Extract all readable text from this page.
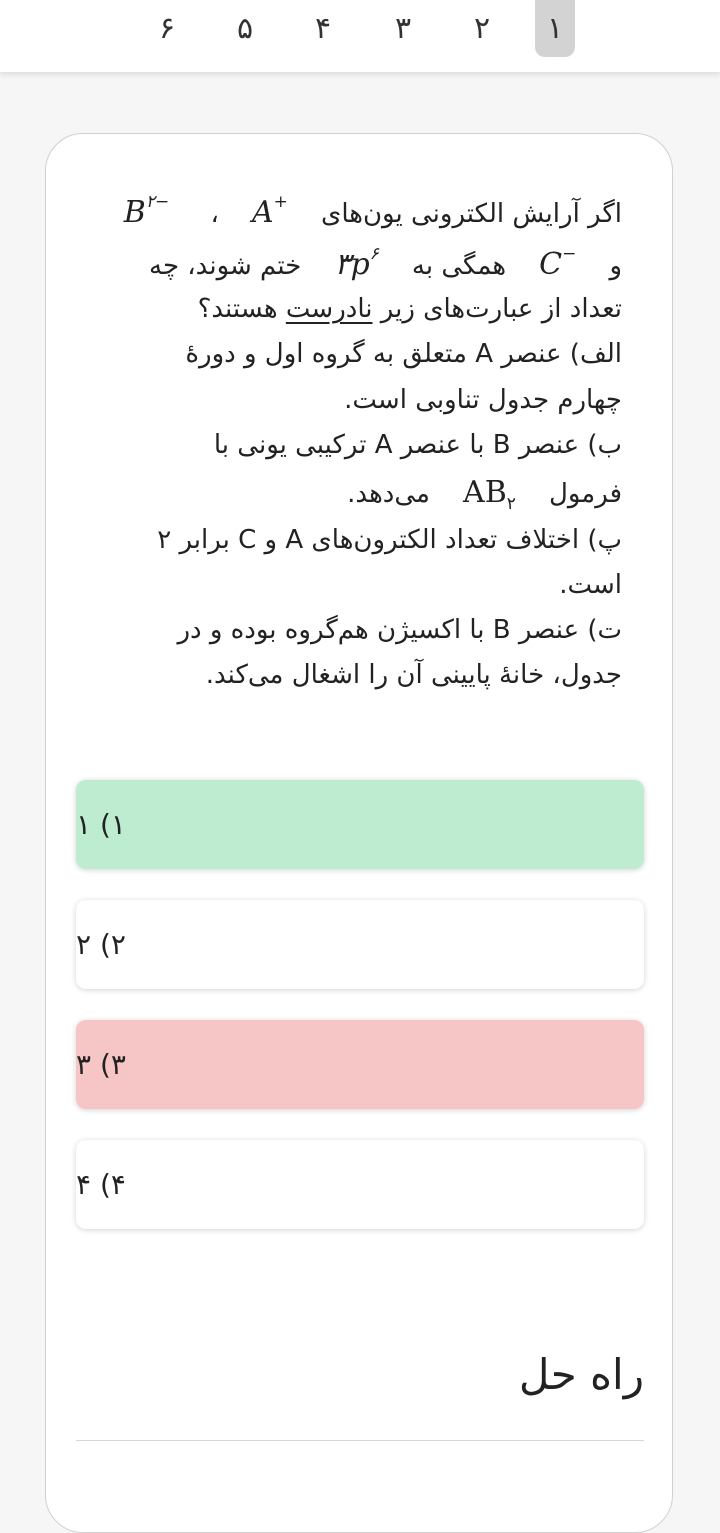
۱
۲
۳
۴
۵
۶
اگر آرایش الکترونی یون‌های    A+    ،     $B^{۲-}$
و    C−    همگی به    $۳p^۶$    ختم شوند، چه
تعداد از عبارت‌های زیر نادرست هستند؟
الف) عنصر A متعلق به گروه اول و دورهٔ
چهارم جدول تناوبی است.
ب) عنصر B با عنصر A ترکیبی یونی با
فرمول    $AB_۲$    می‌دهد.
پ) اختلاف تعداد الکترون‌های A و C برابر ۲
است.
ت) عنصر B با اکسیژن هم‌گروه بوده و در
جدول، خانهٔ پایینی آن را اشغال می‌کند.
۱) ۱
۲) ۲
۳) ۳
۴) ۴
راه حل
